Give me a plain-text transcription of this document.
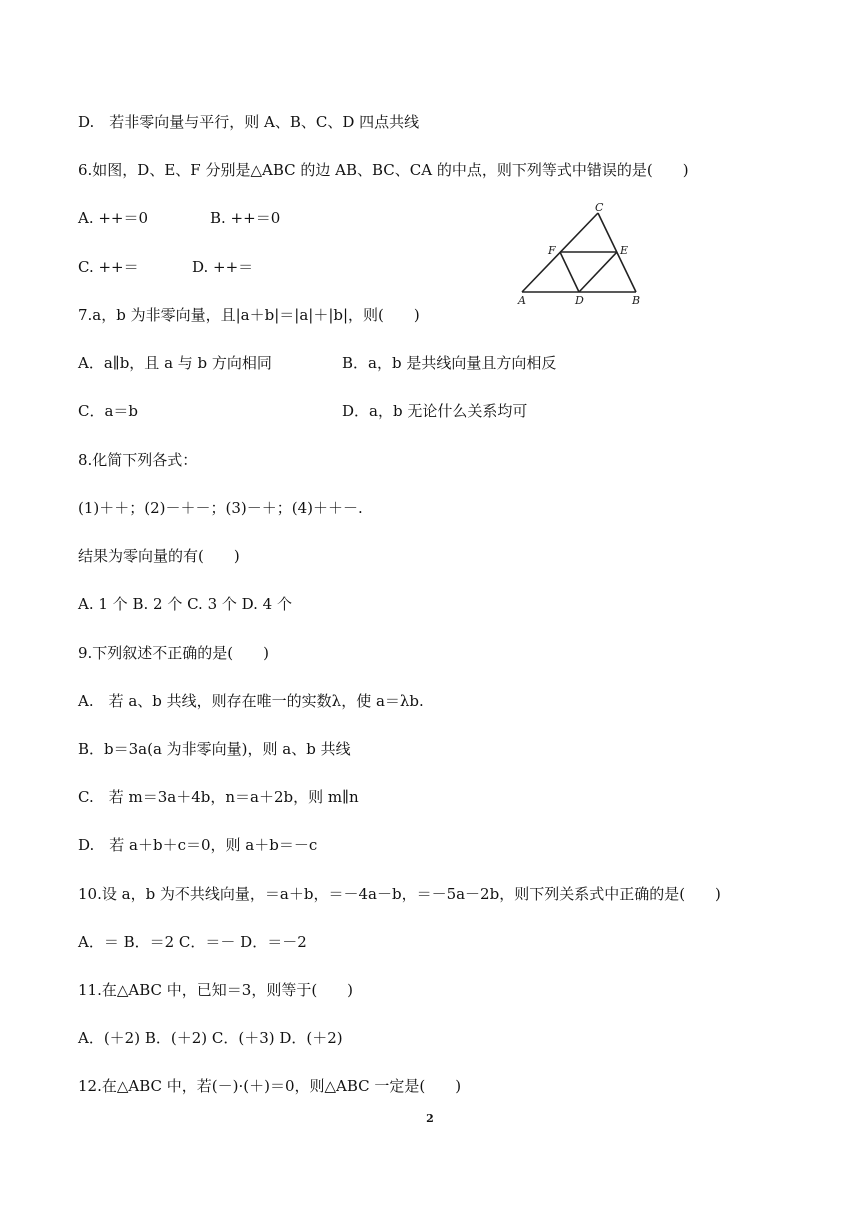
D.　若非零向量与平行，则 A、B、C、D 四点共线
6.如图，D、E、F 分别是△ABC 的边 AB、BC、CA 的中点，则下列等式中错误的是(　　)
A. ++＝0	B. ++＝0
C. ++＝	D. ++＝
A	D	B
C
F	E
7.a，b 为非零向量，且|a＋b|＝|a|＋|b|，则(　　)
A．a∥b，且 a 与 b 方向相同	B．a，b 是共线向量且方向相反
C．a＝b	D．a，b 无论什么关系均可
8.化简下列各式：
(1)＋＋；(2)－＋－；(3)－＋；(4)＋＋－.
结果为零向量的有(　　)
A. 1 个 B. 2 个 C. 3 个 D. 4 个
9.下列叙述不正确的是(　　)
A.　若 a、b 共线，则存在唯一的实数λ，使 a＝λb.
B．b＝3a(a 为非零向量)，则 a、b 共线
C.　若 m＝3a＋4b，n＝a＋2b，则 m∥n
D.　若 a＋b＋c＝0，则 a＋b＝－c
10.设 a，b 为不共线向量，＝a＋b，＝－4a－b，＝－5a－2b，则下列关系式中正确的是(　　)
A．＝ B．＝2 C．＝－ D．＝－2
11.在△ABC 中，已知＝3，则等于(　　)
A．(＋2) B．(＋2) C．(＋3) D．(＋2)
12.在△ABC 中，若(－)·(＋)＝0，则△ABC 一定是(　　)
2
